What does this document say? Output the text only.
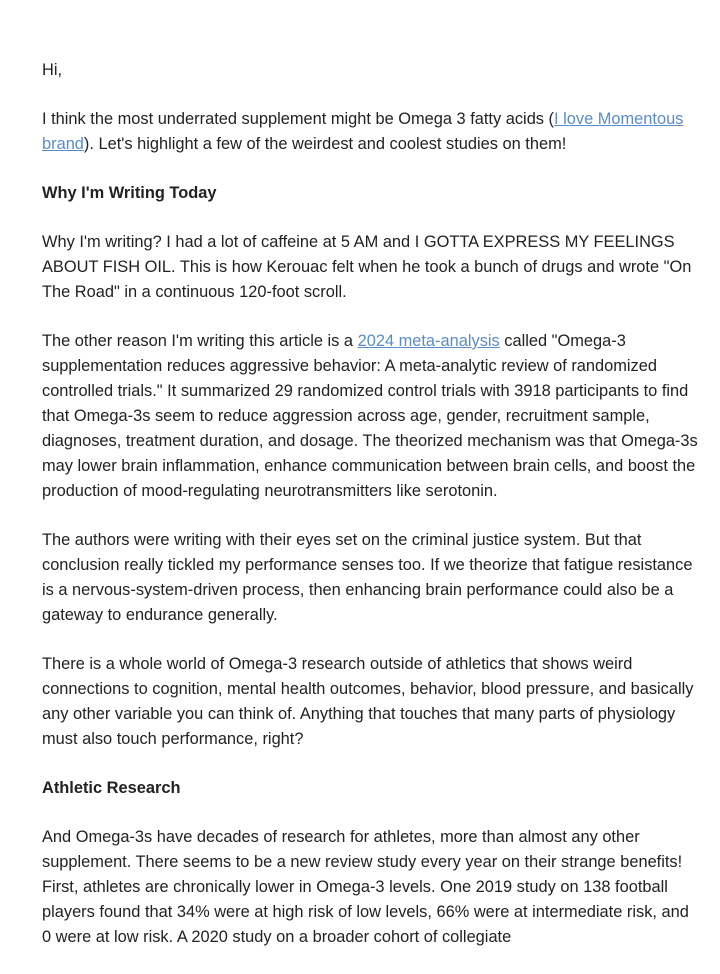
Hi,

I think the most underrated supplement might be Omega 3 fatty acids (I love Momentous brand). Let's highlight a few of the weirdest and coolest studies on them!

Why I'm Writing Today

Why I'm writing? I had a lot of caffeine at 5 AM and I GOTTA EXPRESS MY FEELINGS ABOUT FISH OIL. This is how Kerouac felt when he took a bunch of drugs and wrote "On The Road" in a continuous 120-foot scroll.

The other reason I'm writing this article is a 2024 meta-analysis called "Omega-3 supplementation reduces aggressive behavior: A meta-analytic review of randomized controlled trials." It summarized 29 randomized control trials with 3918 participants to find that Omega-3s seem to reduce aggression across age, gender, recruitment sample, diagnoses, treatment duration, and dosage. The theorized mechanism was that Omega-3s may lower brain inflammation, enhance communication between brain cells, and boost the production of mood-regulating neurotransmitters like serotonin.

The authors were writing with their eyes set on the criminal justice system. But that conclusion really tickled my performance senses too. If we theorize that fatigue resistance is a nervous-system-driven process, then enhancing brain performance could also be a gateway to endurance generally.

There is a whole world of Omega-3 research outside of athletics that shows weird connections to cognition, mental health outcomes, behavior, blood pressure, and basically any other variable you can think of. Anything that touches that many parts of physiology must also touch performance, right?

Athletic Research

And Omega-3s have decades of research for athletes, more than almost any other supplement. There seems to be a new review study every year on their strange benefits! First, athletes are chronically lower in Omega-3 levels. One 2019 study on 138 football players found that 34% were at high risk of low levels, 66% were at intermediate risk, and 0 were at low risk. A 2020 study on a broader cohort of collegiate
